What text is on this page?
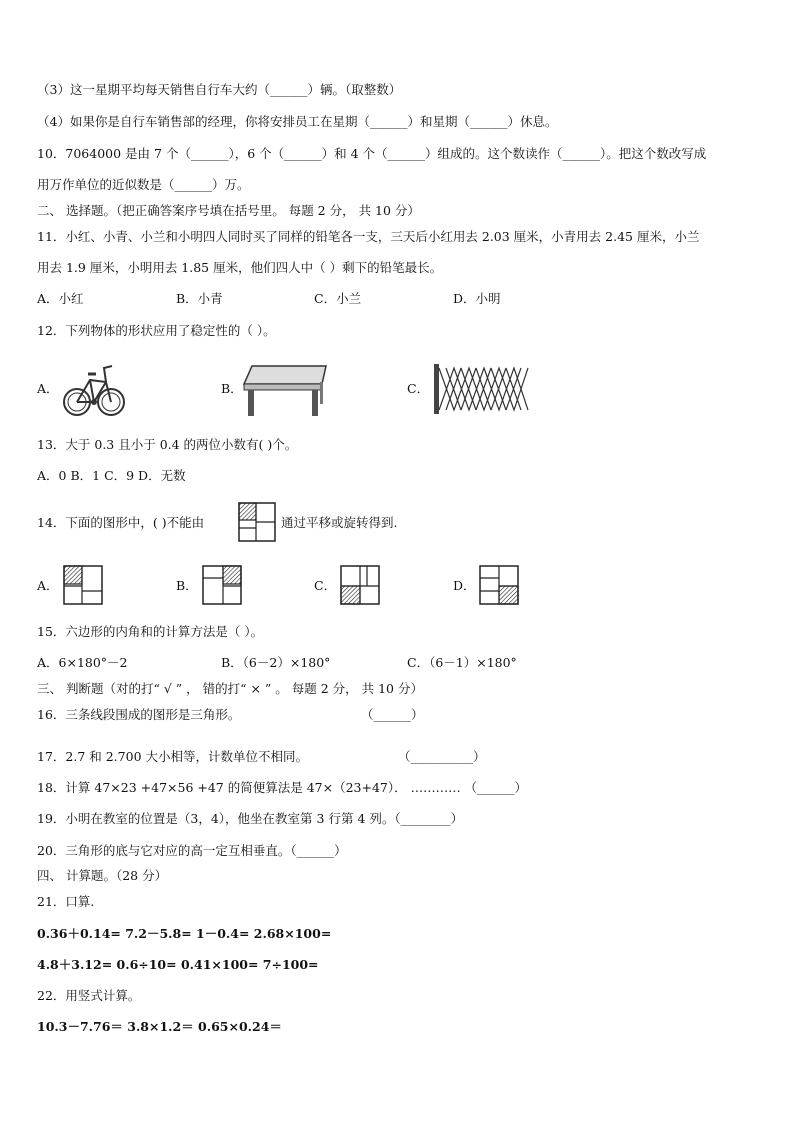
（3）这一星期平均每天销售自行车大约（______）辆。（取整数）
（4）如果你是自行车销售部的经理，你将安排员工在星期（______）和星期（______）休息。
10．7064000 是由 7 个（______），6 个（______）和 4 个（______）组成的。这个数读作（______）。把这个数改写成
用万作单位的近似数是（______）万。
二、 选择题。（把正确答案序号填在括号里。 每题 2 分， 共 10 分）
11．小红、小青、小兰和小明四人同时买了同样的铅笔各一支，三天后小红用去 2.03 厘米，小青用去 2.45 厘米，小兰
用去 1.9 厘米，小明用去 1.85 厘米，他们四人中（ ）剩下的铅笔最长。
A．小红	B．小青	C．小兰	D．小明
12．下列物体的形状应用了稳定性的（ ）。
A．	B．	C．
13．大于 0.3 且小于 0.4 的两位小数有( )个。
A．0 B．1 C．9 D．无数
14．下面的图形中，( )不能由	通过平移或旋转得到.
A．	B．	C．	D．
15．六边形的内角和的计算方法是（ ）。
A．6×180°－2	B．（6－2）×180°	C．（6－1）×180°
三、 判断题（对的打“ √ ” ， 错的打“ × ” 。 每题 2 分， 共 10 分）
16．三条线段围成的图形是三角形。	（______）
17．2.7 和 2.700 大小相等，计数单位不相同。	（__________）
18．计算 47×23 +47×56 +47 的简便算法是 47×（23+47）． ………… （______）
19．小明在教室的位置是（3，4），他坐在教室第 3 行第 4 列。（________）
20．三角形的底与它对应的高一定互相垂直。（______）
四、 计算题。（28 分）
21．口算.
0.36＋0.14= 7.2－5.8= 1－0.4= 2.68×100=
4.8＋3.12= 0.6÷10= 0.41×100= 7÷100=
22．用竖式计算。
10.3－7.76＝ 3.8×1.2＝ 0.65×0.24＝
